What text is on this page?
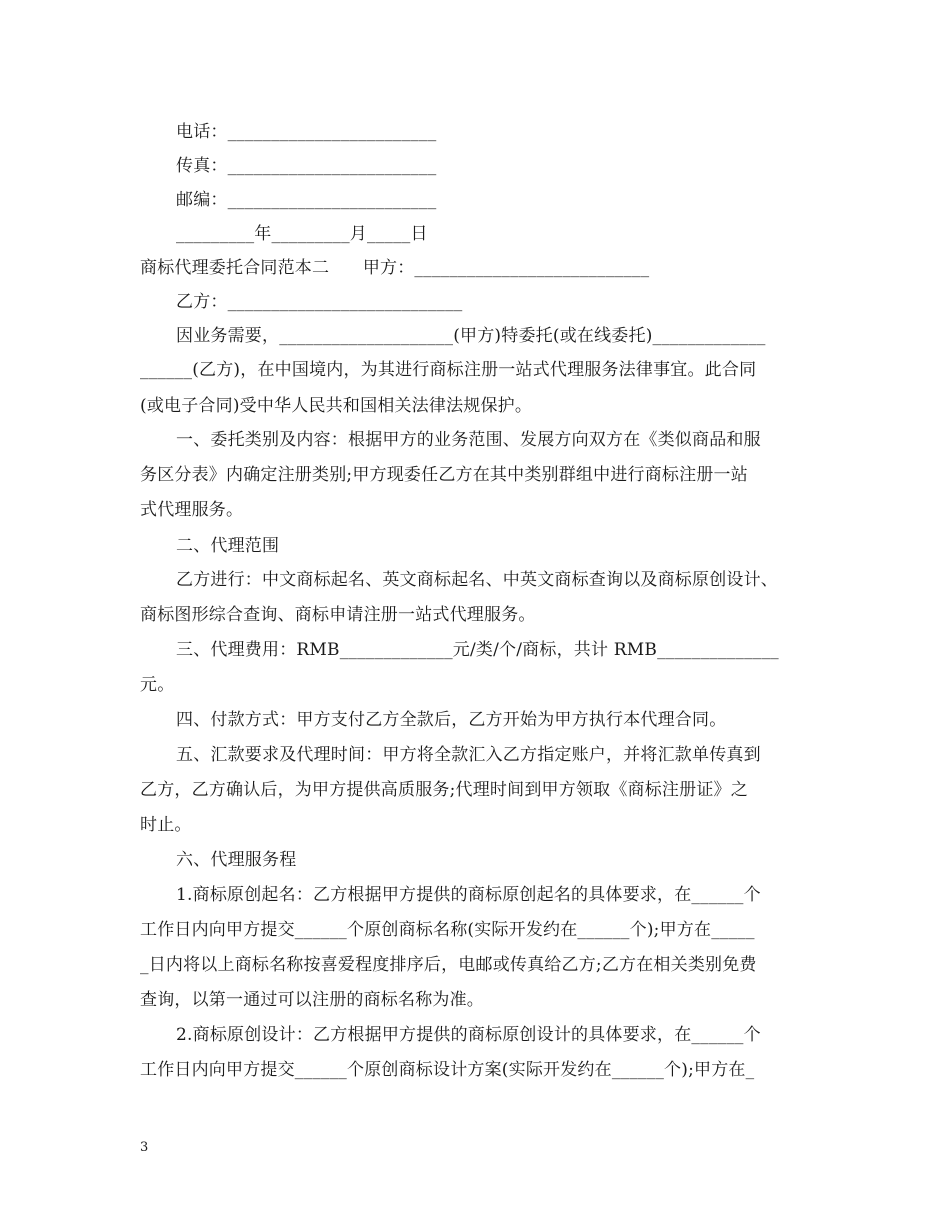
电话：________________________
传真：________________________
邮编：________________________
_________年_________月_____日
商标代理委托合同范本二      甲方：___________________________
乙方：___________________________
因业务需要，____________________(甲方)特委托(或在线委托)_____________
______(乙方)，在中国境内，为其进行商标注册一站式代理服务法律事宜。此合同
(或电子合同)受中华人民共和国相关法律法规保护。
一、委托类别及内容：根据甲方的业务范围、发展方向双方在《类似商品和服
务区分表》内确定注册类别;甲方现委任乙方在其中类别群组中进行商标注册一站
式代理服务。
二、代理范围
乙方进行：中文商标起名、英文商标起名、中英文商标查询以及商标原创设计、
商标图形综合查询、商标申请注册一站式代理服务。
三、代理费用：RMB_____________元/类/个/商标，共计 RMB______________
元。
四、付款方式：甲方支付乙方全款后，乙方开始为甲方执行本代理合同。
五、汇款要求及代理时间：甲方将全款汇入乙方指定账户，并将汇款单传真到
乙方，乙方确认后，为甲方提供高质服务;代理时间到甲方领取《商标注册证》之
时止。
六、代理服务程
1.商标原创起名：乙方根据甲方提供的商标原创起名的具体要求，在______个
工作日内向甲方提交______个原创商标名称(实际开发约在______个);甲方在_____
_日内将以上商标名称按喜爱程度排序后，电邮或传真给乙方;乙方在相关类别免费
查询，以第一通过可以注册的商标名称为准。
2.商标原创设计：乙方根据甲方提供的商标原创设计的具体要求，在______个
工作日内向甲方提交______个原创商标设计方案(实际开发约在______个);甲方在_
3
